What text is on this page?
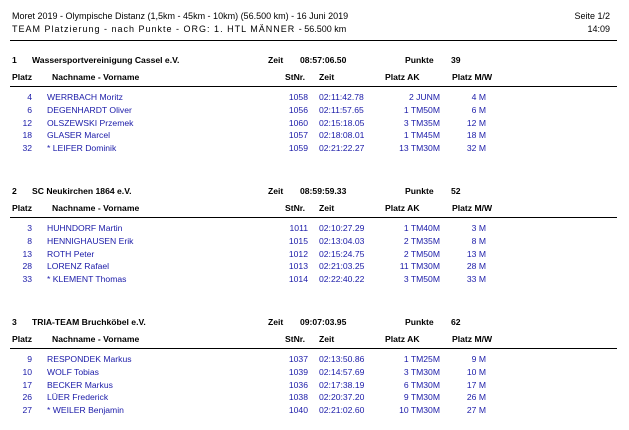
Moret 2019 - Olympische Distanz (1,5km - 45km - 10km) (56.500 km) - 16 Juni 2019
TEAM Platzierung - nach Punkte - ORG: 1. HTL MÄNNER - 56.500 km
Seite 1/2
14:09
1	Wassersportvereinigung Cassel e.V.	Zeit	08:57:06.50	Punkte	39
Platz	Nachname - Vorname	StNr.	Zeit	Platz AK	Platz M/W
4 WERRBACH Moritz	1058 02:11:42.78	2 JUNM	4 M
6 DEGENHARDT Oliver	1056 02:11:57.65	1 TM50M	6 M
12 OLSZEWSKI Przemek	1060 02:15:18.05	3 TM35M	12 M
18 GLASER Marcel	1057 02:18:08.01	1 TM45M	18 M
32 * LEIFER Dominik	1059 02:21:22.27	13 TM30M	32 M
2	SC Neukirchen 1864 e.V.	Zeit	08:59:59.33	Punkte	52
Platz	Nachname - Vorname	StNr.	Zeit	Platz AK	Platz M/W
3 HUHNDORF Martin	1011 02:10:27.29	1 TM40M	3 M
8 HENNIGHAUSEN Erik	1015 02:13:04.03	2 TM35M	8 M
13 ROTH Peter	1012 02:15:24.75	2 TM50M	13 M
28 LORENZ Rafael	1013 02:21:03.25	11 TM30M	28 M
33 * KLEMENT Thomas	1014 02:22:40.22	3 TM50M	33 M
3	TRIA-TEAM Bruchköbel e.V.	Zeit	09:07:03.95	Punkte	62
Platz	Nachname - Vorname	StNr.	Zeit	Platz AK	Platz M/W
9 RESPONDEK Markus	1037 02:13:50.86	1 TM25M	9 M
10 WOLF Tobias	1039 02:14:57.69	3 TM30M	10 M
17 BECKER Markus	1036 02:17:38.19	6 TM30M	17 M
26 LÜER Frederick	1038 02:20:37.20	9 TM30M	26 M
27 * WEILER Benjamin	1040 02:21:02.60	10 TM30M	27 M
